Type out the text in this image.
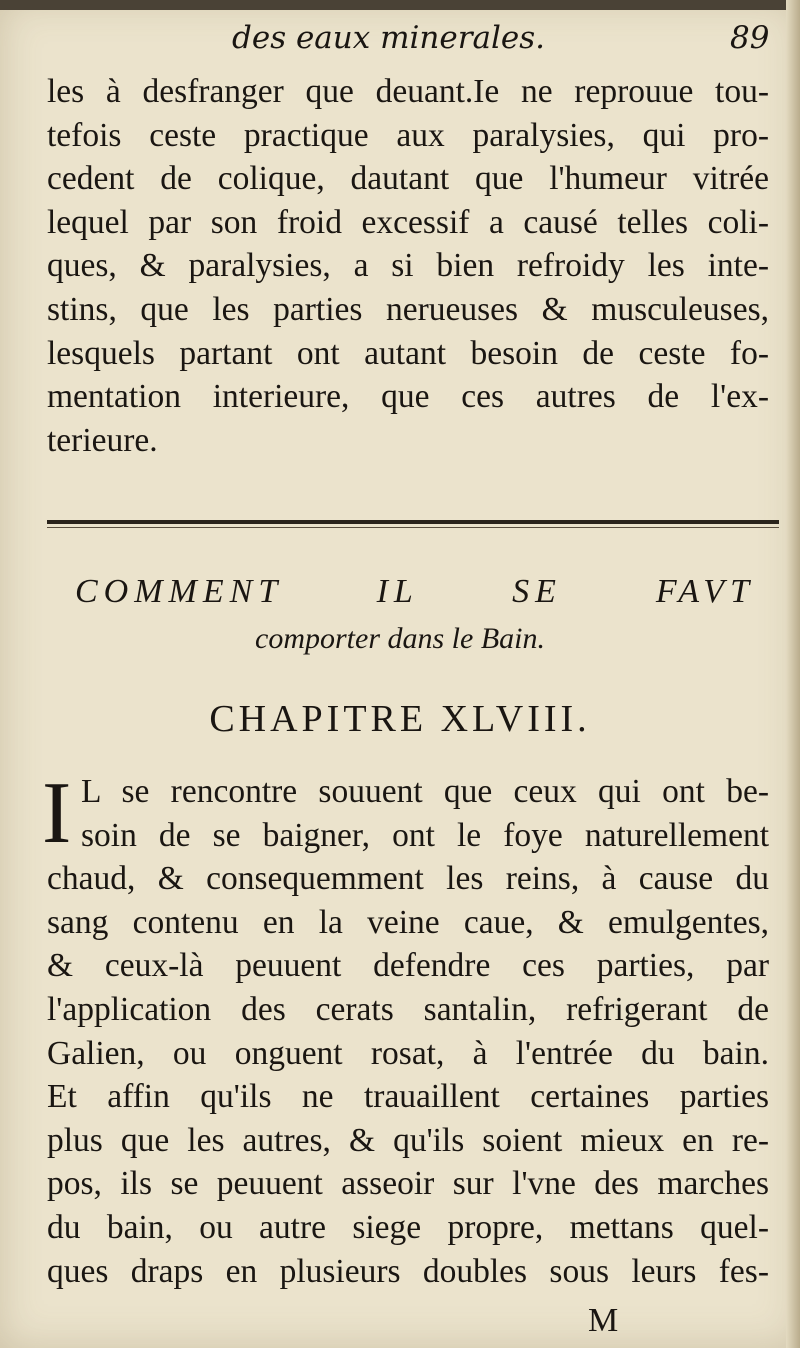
des eaux minerales.	89
les à desfranger que deuant.Ie ne reprouue tou-
tefois ceste practique aux paralysies, qui pro-
cedent de colique, dautant que l'humeur vitrée
lequel par son froid excessif a causé telles coli-
ques, & paralysies, a si bien refroidy les inte-
stins, que les parties nerueuses & musculeuses,
lesquels partant ont autant besoin de ceste fo-
mentation interieure, que ces autres de l'ex-
terieure.
COMMENT IL SE FAVT
comporter dans le Bain.
CHAPITRE XLVIII.
I L se rencontre souuent que ceux qui ont be-
soin de se baigner, ont le foye naturellement
chaud, & consequemment les reins, à cause du
sang contenu en la veine caue, & emulgentes,
& ceux-là peuuent defendre ces parties, par
l'application des cerats santalin, refrigerant de
Galien, ou onguent rosat, à l'entrée du bain.
Et affin qu'ils ne trauaillent certaines parties
plus que les autres, & qu'ils soient mieux en re-
pos, ils se peuuent asseoir sur l'vne des marches
du bain, ou autre siege propre, mettans quel-
ques draps en plusieurs doubles sous leurs fes-
M
